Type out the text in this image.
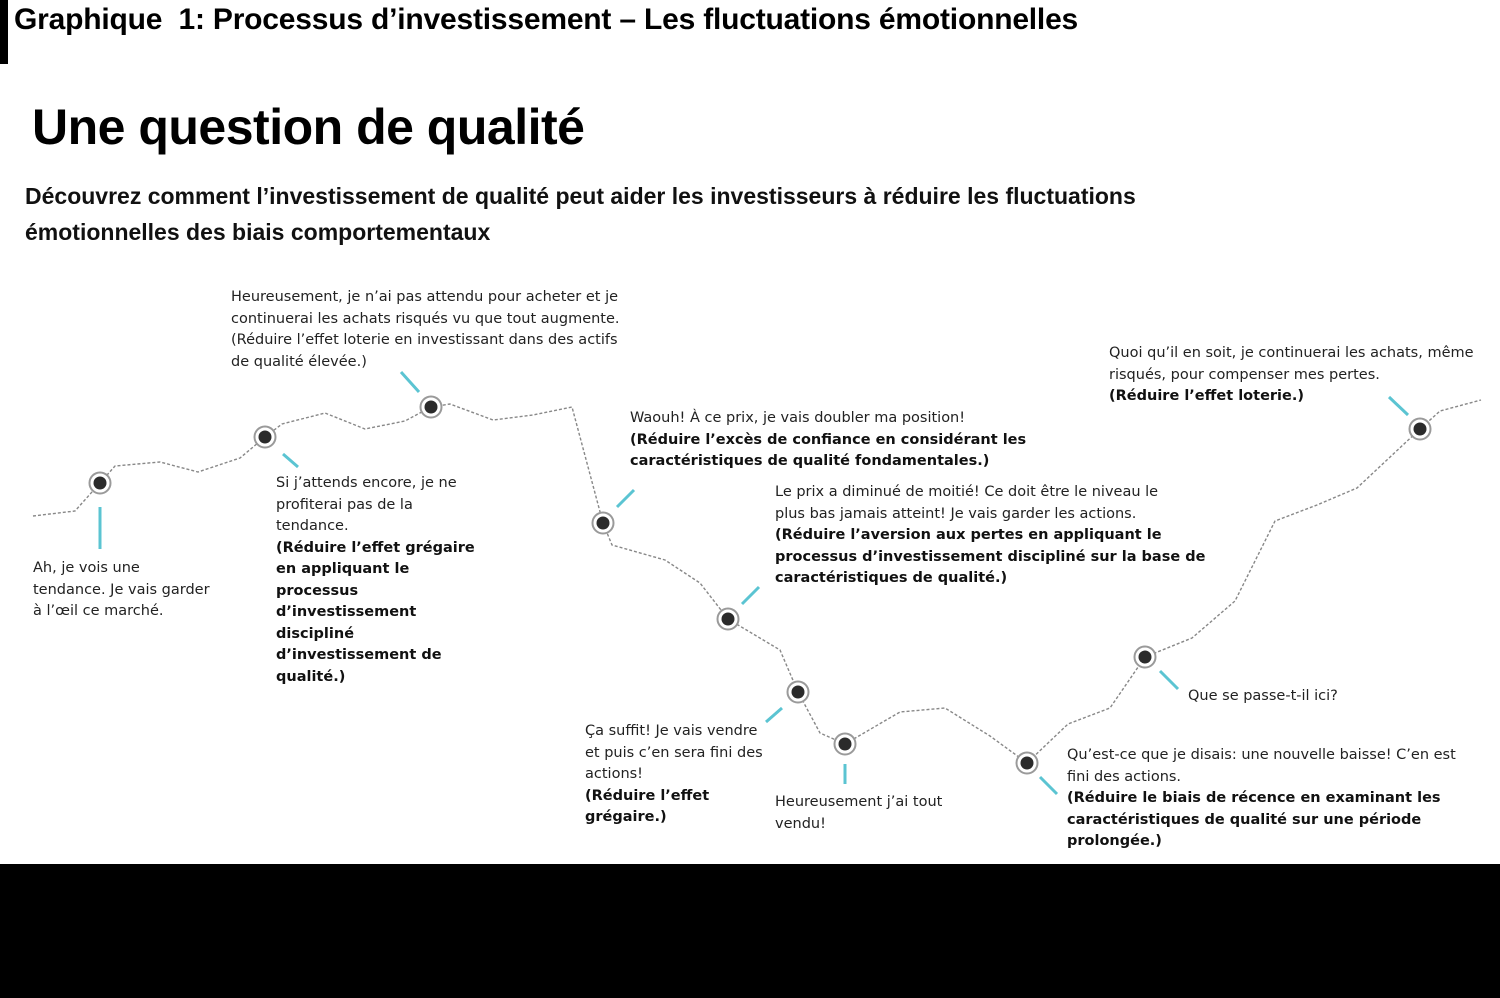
Graphique  1: Processus d’investissement – Les fluctuations émotionnelles
Une question de qualité
Découvrez comment l’investissement de qualité peut aider les investisseurs à réduire les fluctuations émotionnelles des biais comportementaux
Ah, je vois une
tendance. Je vais garder
à l’œil ce marché.
Si j’attends encore, je ne
profiterai pas de la
tendance.
(Réduire l’effet grégaire
en appliquant le
processus
d’investissement
discipliné
d’investissement de
qualité.)
Heureusement, je n’ai pas attendu pour acheter et je
continuerai les achats risqués vu que tout augmente.
(Réduire l’effet loterie en investissant dans des actifs
de qualité élevée.)
Waouh! À ce prix, je vais doubler ma position!
(Réduire l’excès de confiance en considérant les
caractéristiques de qualité fondamentales.)
Le prix a diminué de moitié! Ce doit être le niveau le
plus bas jamais atteint! Je vais garder les actions.
(Réduire l’aversion aux pertes en appliquant le
processus d’investissement discipliné sur la base de
caractéristiques de qualité.)
Ça suffit! Je vais vendre
et puis c’en sera fini des
actions!
(Réduire l’effet
grégaire.)
Heureusement j’ai tout
vendu!
Qu’est-ce que je disais: une nouvelle baisse! C’en est
fini des actions.
(Réduire le biais de récence en examinant les
caractéristiques de qualité sur une période
prolongée.)
Que se passe-t-il ici?
Quoi qu’il en soit, je continuerai les achats, même
risqués, pour compenser mes pertes.
(Réduire l’effet loterie.)
